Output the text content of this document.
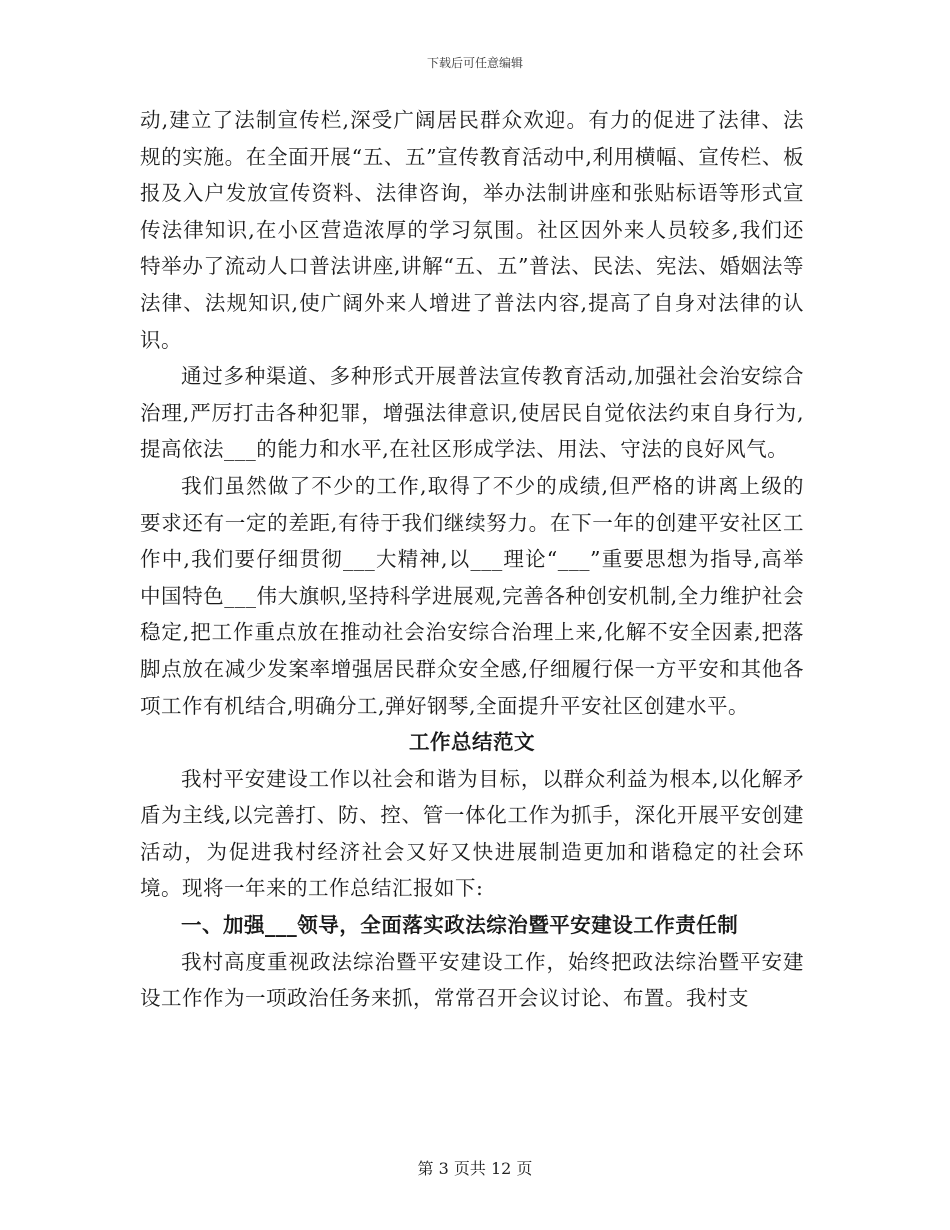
下载后可任意编辑

动,建立了法制宣传栏,深受广阔居民群众欢迎。有力的促进了法律、法规的实施。在全面开展“五、五”宣传教育活动中,利用横幅、宣传栏、板报及入户发放宣传资料、法律咨询，举办法制讲座和张贴标语等形式宣传法律知识,在小区营造浓厚的学习氛围。社区因外来人员较多,我们还特举办了流动人口普法讲座,讲解“五、五”普法、民法、宪法、婚姻法等法律、法规知识,使广阔外来人增进了普法内容,提高了自身对法律的认识。

通过多种渠道、多种形式开展普法宣传教育活动,加强社会治安综合治理,严厉打击各种犯罪，增强法律意识,使居民自觉依法约束自身行为,提高依法___的能力和水平,在社区形成学法、用法、守法的良好风气。

我们虽然做了不少的工作,取得了不少的成绩,但严格的讲离上级的要求还有一定的差距,有待于我们继续努力。在下一年的创建平安社区工作中,我们要仔细贯彻___大精神,以___理论“___”重要思想为指导,高举中国特色___伟大旗帜,坚持科学进展观,完善各种创安机制,全力维护社会稳定,把工作重点放在推动社会治安综合治理上来,化解不安全因素,把落脚点放在减少发案率增强居民群众安全感,仔细履行保一方平安和其他各项工作有机结合,明确分工,弹好钢琴,全面提升平安社区创建水平。

工作总结范文

我村平安建设工作以社会和谐为目标，以群众利益为根本,以化解矛盾为主线,以完善打、防、控、管一体化工作为抓手，深化开展平安创建活动，为促进我村经济社会又好又快进展制造更加和谐稳定的社会环境。现将一年来的工作总结汇报如下:

一、加强___领导，全面落实政法综治暨平安建设工作责任制

我村高度重视政法综治暨平安建设工作，始终把政法综治暨平安建设工作作为一项政治任务来抓，常常召开会议讨论、布置。我村支

第 3 页共 12 页
